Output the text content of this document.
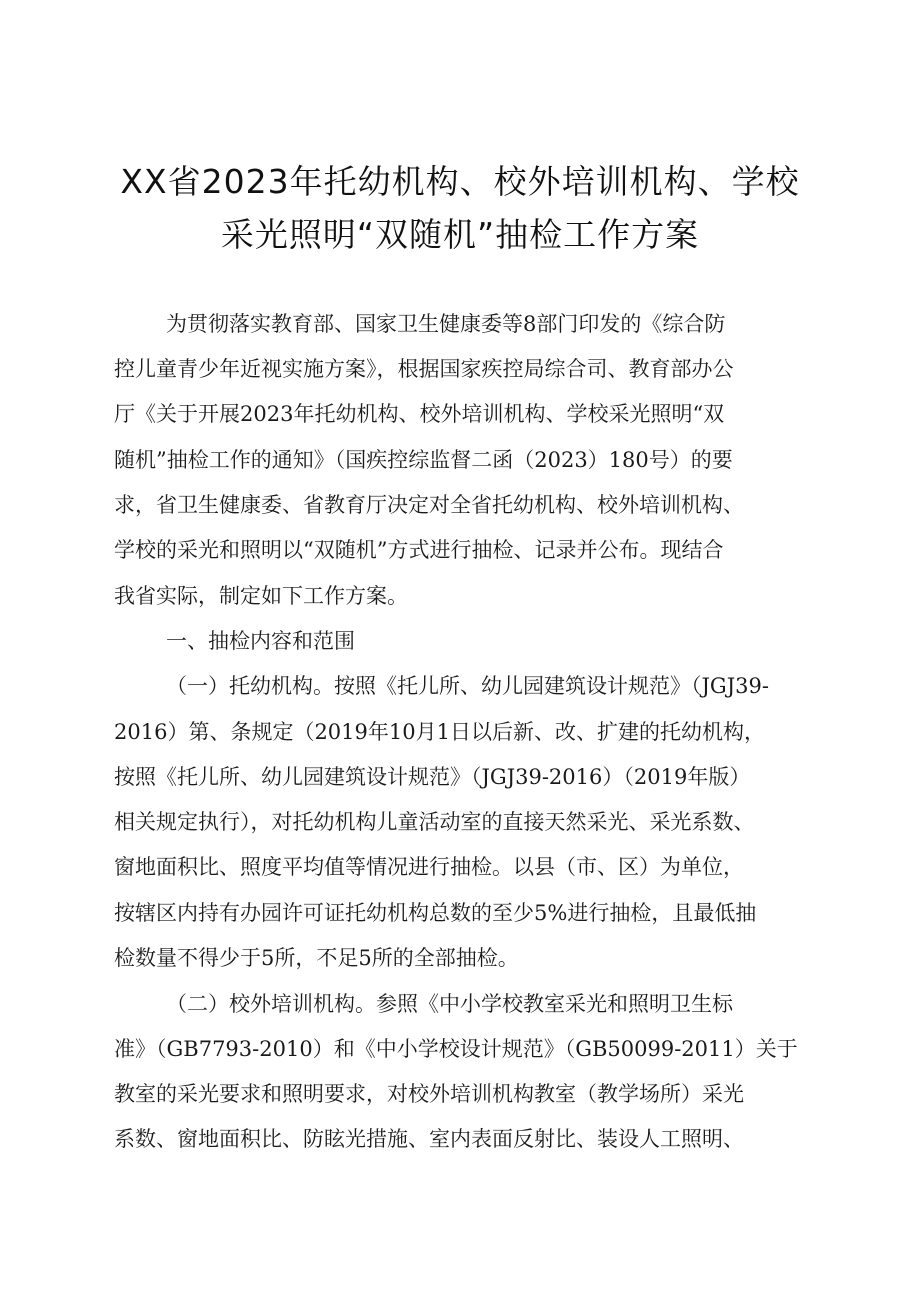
XX省2023年托幼机构、校外培训机构、学校
采光照明“双随机”抽检工作方案
为贯彻落实教育部、国家卫生健康委等8部门印发的《综合防
控儿童青少年近视实施方案》，根据国家疾控局综合司、教育部办公
厅《关于开展2023年托幼机构、校外培训机构、学校采光照明“双
随机”抽检工作的通知》（国疾控综监督二函（2023）180号）的要
求，省卫生健康委、省教育厅决定对全省托幼机构、校外培训机构、
学校的采光和照明以“双随机”方式进行抽检、记录并公布。现结合
我省实际，制定如下工作方案。
一、抽检内容和范围
（一）托幼机构。按照《托儿所、幼儿园建筑设计规范》（JGJ39-
2016）第、条规定（2019年10月1日以后新、改、扩建的托幼机构，
按照《托儿所、幼儿园建筑设计规范》（JGJ39-2016）（2019年版）
相关规定执行），对托幼机构儿童活动室的直接天然采光、采光系数、
窗地面积比、照度平均值等情况进行抽检。以县（市、区）为单位，
按辖区内持有办园许可证托幼机构总数的至少5%进行抽检，且最低抽
检数量不得少于5所，不足5所的全部抽检。
（二）校外培训机构。参照《中小学校教室采光和照明卫生标
准》（GB7793-2010）和《中小学校设计规范》（GB50099-2011）关于
教室的采光要求和照明要求，对校外培训机构教室（教学场所）采光
系数、窗地面积比、防眩光措施、室内表面反射比、装设人工照明、
